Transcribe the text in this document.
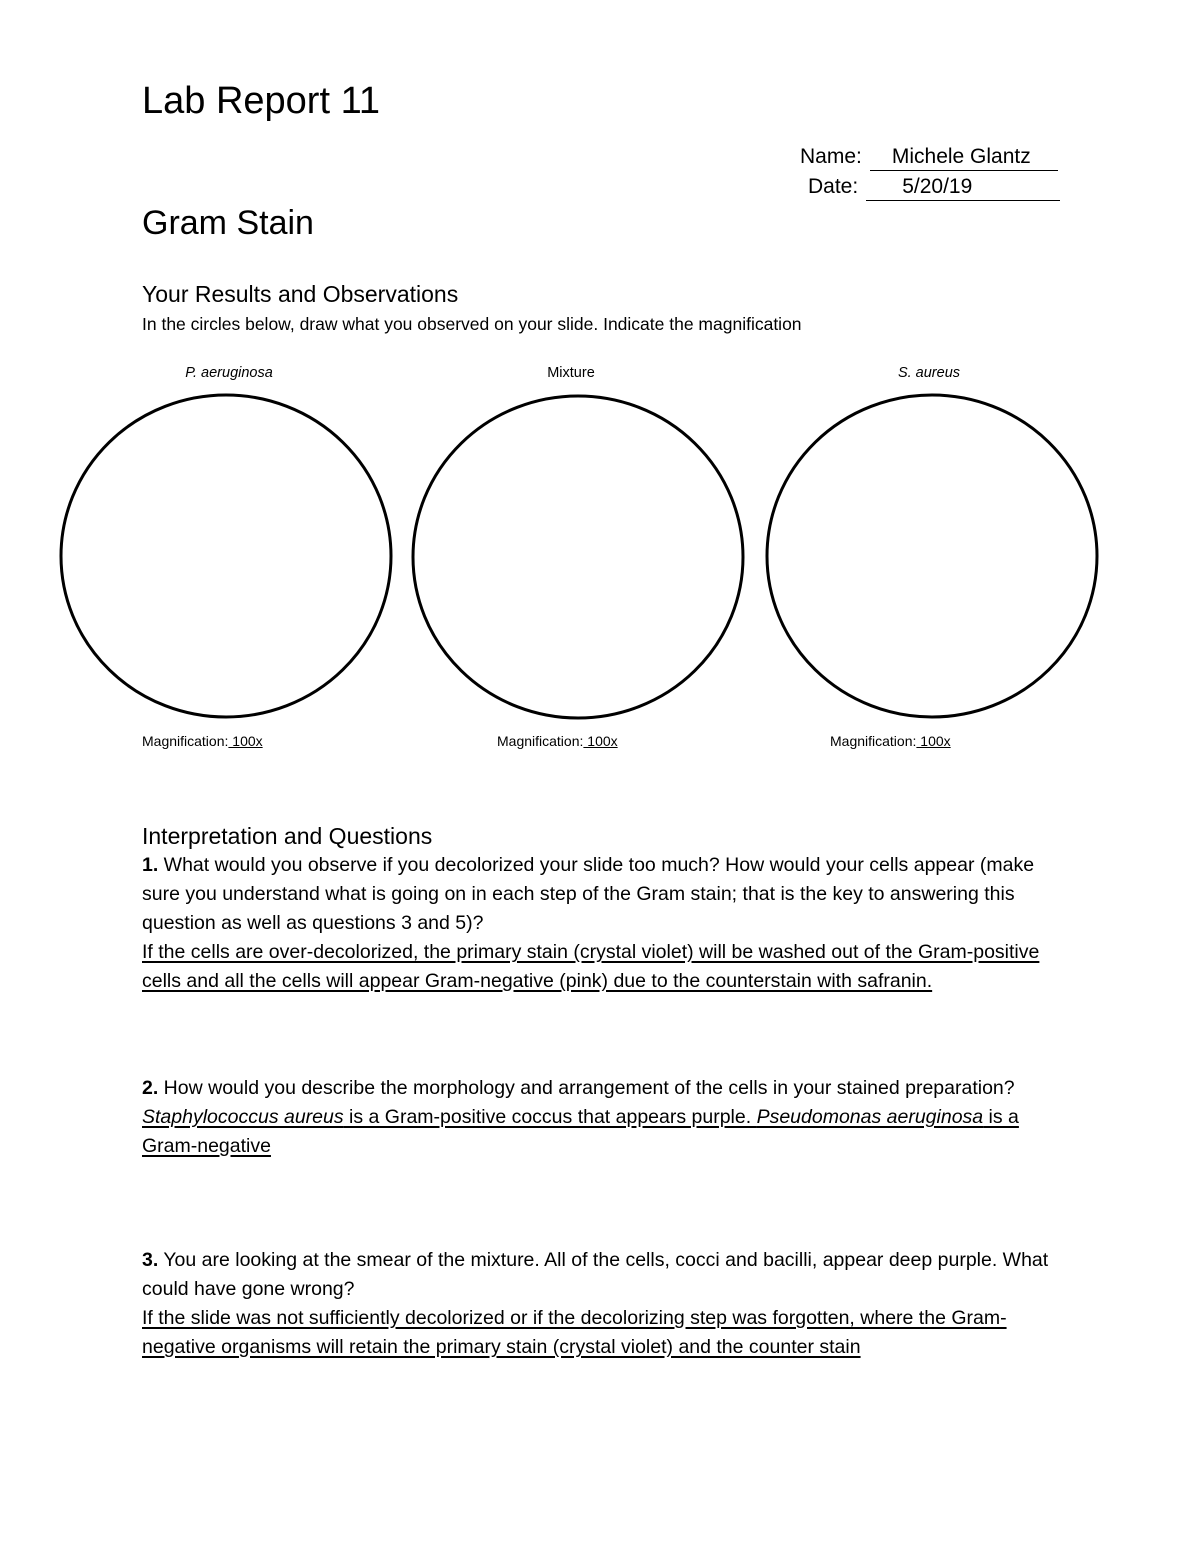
Lab Report 11
Name: Michele Glantz
Date: 5/20/19
Gram Stain
Your Results and Observations
In the circles below, draw what you observed on your slide. Indicate the magnification
P. aeruginosa	Mixture	S. aureus
Magnification: 100x	Magnification: 100x	Magnification: 100x
Interpretation and Questions
1. What would you observe if you decolorized your slide too much? How would your cells appear (make sure you understand what is going on in each step of the Gram stain; that is the key to answering this question as well as questions 3 and 5)?
If the cells are over-decolorized, the primary stain (crystal violet) will be washed out of the Gram-positive cells and all the cells will appear Gram-negative (pink) due to the counterstain with safranin.
2. How would you describe the morphology and arrangement of the cells in your stained preparation?
Staphylococcus aureus is a Gram-positive coccus that appears purple. Pseudomonas aeruginosa is a Gram-negative
3. You are looking at the smear of the mixture. All of the cells, cocci and bacilli, appear deep purple. What could have gone wrong?
If the slide was not sufficiently decolorized or if the decolorizing step was forgotten, where the Gram-negative organisms will retain the primary stain (crystal violet) and the counter stain
